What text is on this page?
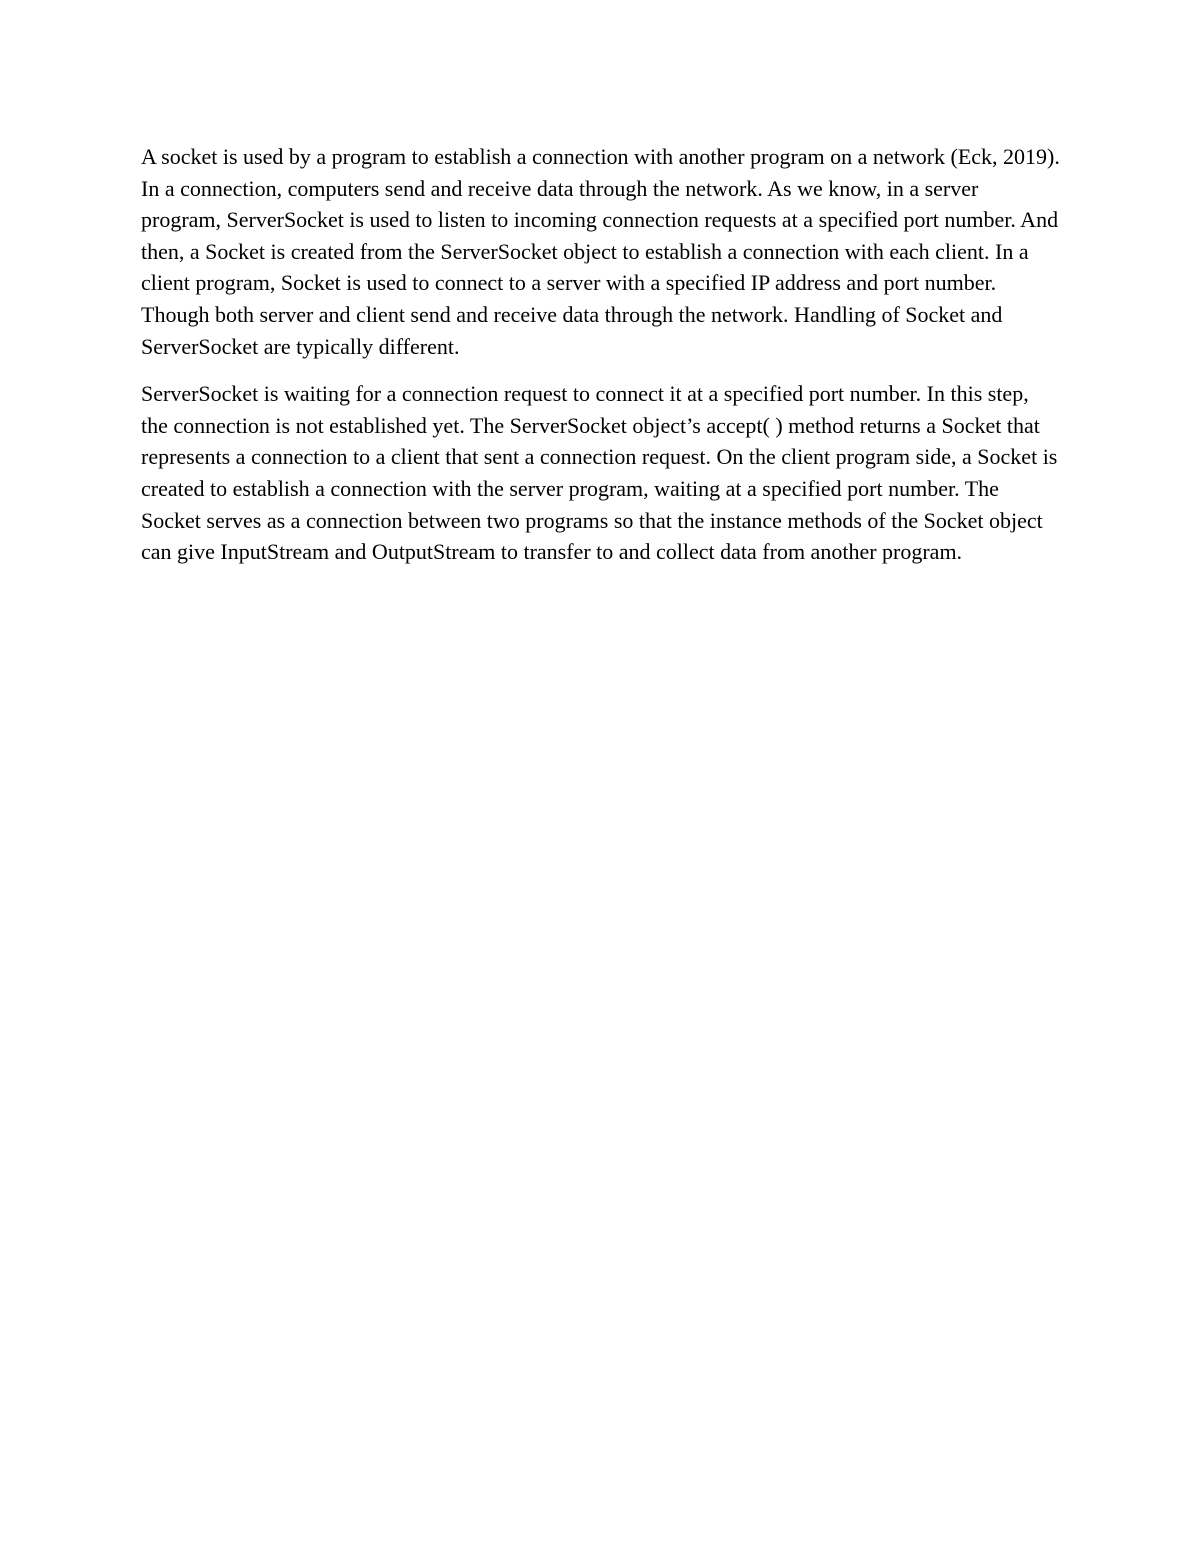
A socket is used by a program to establish a connection with another program on a network (Eck, 2019). In a connection, computers send and receive data through the network. As we know, in a server program, ServerSocket is used to listen to incoming connection requests at a specified port number. And then, a Socket is created from the ServerSocket object to establish a connection with each client. In a client program, Socket is used to connect to a server with a specified IP address and port number. Though both server and client send and receive data through the network. Handling of Socket and ServerSocket are typically different.

ServerSocket is waiting for a connection request to connect it at a specified port number. In this step, the connection is not established yet. The ServerSocket object’s accept( ) method returns a Socket that represents a connection to a client that sent a connection request. On the client program side, a Socket is created to establish a connection with the server program, waiting at a specified port number. The Socket serves as a connection between two programs so that the instance methods of the Socket object can give InputStream and OutputStream to transfer to and collect data from another program.
